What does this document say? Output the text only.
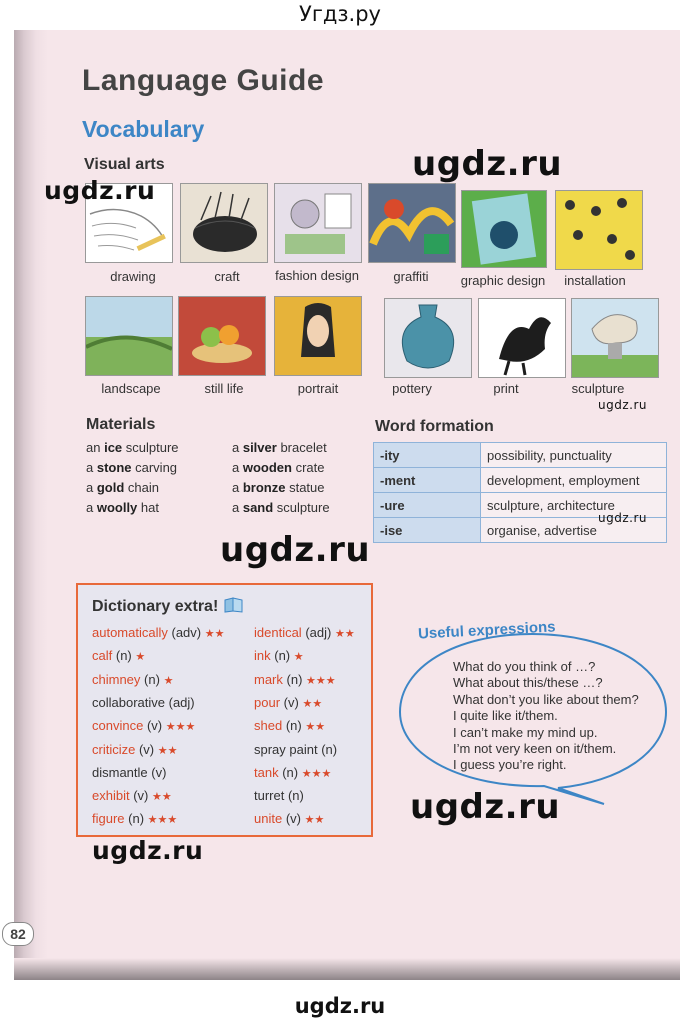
Угдз.ру
Language Guide
Vocabulary
Visual arts
drawing	craft	fashion design	graffiti	graphic design	installation
landscape	still life	portrait	pottery	print	sculpture
Materials
an ice sculpture
a stone carving
a gold chain
a woolly hat
a silver bracelet
a wooden crate
a bronze statue
a sand sculpture
Word formation
-ity	possibility, punctuality
-ment	development, employment
-ure	sculpture, architecture
-ise	organise, advertise
Dictionary extra!
automatically (adv) ★★
calf (n) ★
chimney (n) ★
collaborative (adj)
convince (v) ★★★
criticize (v) ★★
dismantle (v)
exhibit (v) ★★
figure (n) ★★★
identical (adj) ★★
ink (n) ★
mark (n) ★★★
pour (v) ★★
shed (n) ★★
spray paint (n)
tank (n) ★★★
turret (n)
unite (v) ★★
Useful expressions
What do you think of …?
What about this/these …?
What don’t you like about them?
I quite like it/them.
I can’t make my mind up.
I’m not very keen on it/them.
I guess you’re right.
82
ugdz.ru
ugdz.ru
ugdz.ru
ugdz.ru
ugdz.ru
ugdz.ru
ugdz.ru
ugdz.ru
